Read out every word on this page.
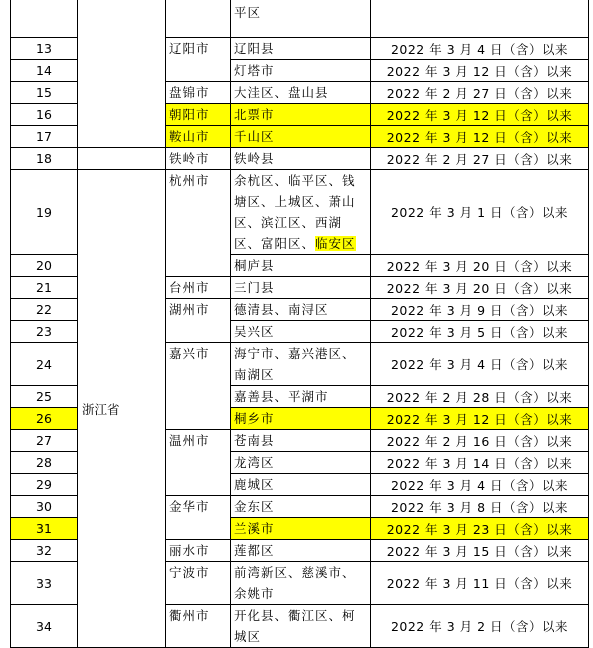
			平区	
13		辽阳市	辽阳县	2022 年 3 月 4 日（含）以来
14			灯塔市	2022 年 3 月 12 日（含）以来
15		盘锦市	大洼区、盘山县	2022 年 2 月 27 日（含）以来
16		朝阳市	北票市	2022 年 3 月 12 日（含）以来
17		鞍山市	千山区	2022 年 3 月 12 日（含）以来
18		铁岭市	铁岭县	2022 年 2 月 27 日（含）以来
19	浙江省	杭州市	余杭区、临平区、钱塘区、上城区、萧山区、滨江区、西湖区、富阳区、临安区	2022 年 3 月 1 日（含）以来
20			桐庐县	2022 年 3 月 20 日（含）以来
21		台州市	三门县	2022 年 3 月 20 日（含）以来
22		湖州市	德清县、南浔区	2022 年 3 月 9 日（含）以来
23			吴兴区	2022 年 3 月 5 日（含）以来
24		嘉兴市	海宁市、嘉兴港区、南湖区	2022 年 3 月 4 日（含）以来
25			嘉善县、平湖市	2022 年 2 月 28 日（含）以来
26			桐乡市	2022 年 3 月 12 日（含）以来
27		温州市	苍南县	2022 年 2 月 16 日（含）以来
28			龙湾区	2022 年 3 月 14 日（含）以来
29			鹿城区	2022 年 3 月 4 日（含）以来
30		金华市	金东区	2022 年 3 月 8 日（含）以来
31			兰溪市	2022 年 3 月 23 日（含）以来
32		丽水市	莲都区	2022 年 3 月 15 日（含）以来
33		宁波市	前湾新区、慈溪市、余姚市	2022 年 3 月 11 日（含）以来
34		衢州市	开化县、衢江区、柯城区	2022 年 3 月 2 日（含）以来
